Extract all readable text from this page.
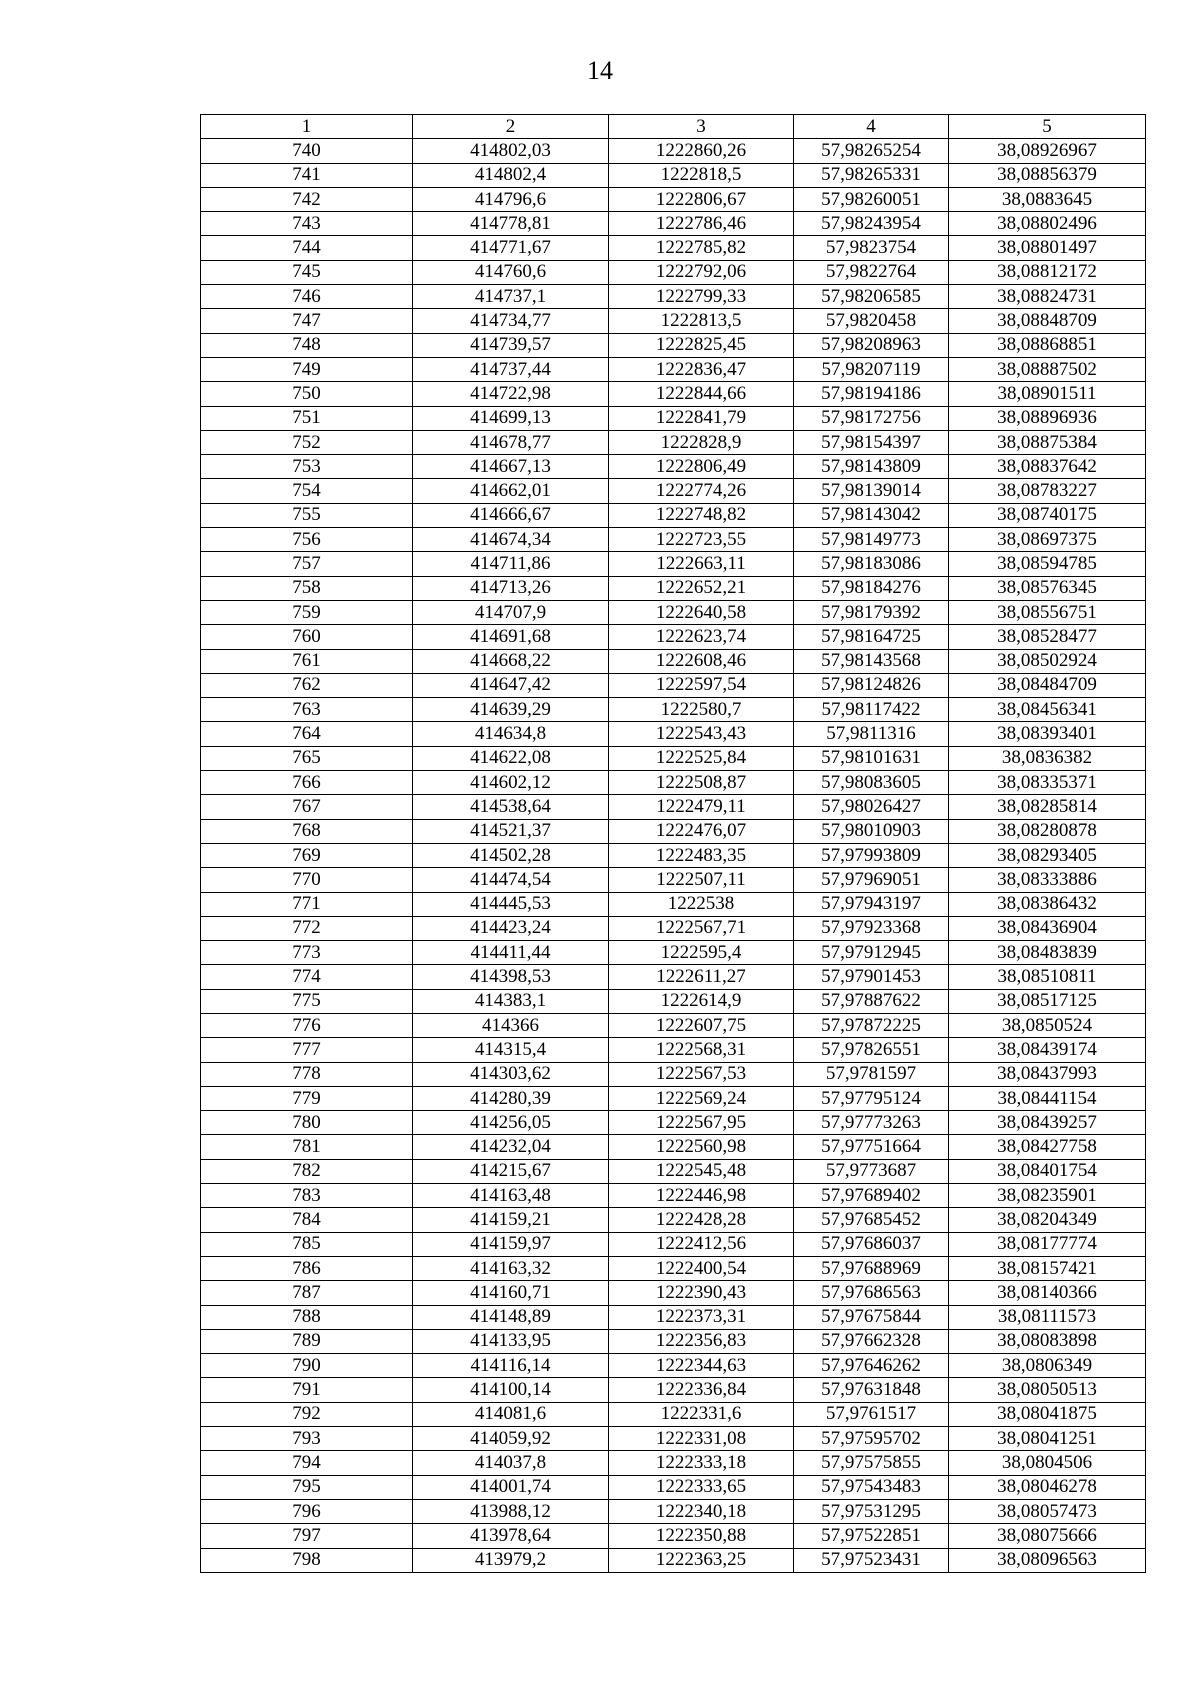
14
1	2	3	4	5
740	414802,03	1222860,26	57,98265254	38,08926967
741	414802,4	1222818,5	57,98265331	38,08856379
742	414796,6	1222806,67	57,98260051	38,0883645
743	414778,81	1222786,46	57,98243954	38,08802496
744	414771,67	1222785,82	57,9823754	38,08801497
745	414760,6	1222792,06	57,9822764	38,08812172
746	414737,1	1222799,33	57,98206585	38,08824731
747	414734,77	1222813,5	57,9820458	38,08848709
748	414739,57	1222825,45	57,98208963	38,08868851
749	414737,44	1222836,47	57,98207119	38,08887502
750	414722,98	1222844,66	57,98194186	38,08901511
751	414699,13	1222841,79	57,98172756	38,08896936
752	414678,77	1222828,9	57,98154397	38,08875384
753	414667,13	1222806,49	57,98143809	38,08837642
754	414662,01	1222774,26	57,98139014	38,08783227
755	414666,67	1222748,82	57,98143042	38,08740175
756	414674,34	1222723,55	57,98149773	38,08697375
757	414711,86	1222663,11	57,98183086	38,08594785
758	414713,26	1222652,21	57,98184276	38,08576345
759	414707,9	1222640,58	57,98179392	38,08556751
760	414691,68	1222623,74	57,98164725	38,08528477
761	414668,22	1222608,46	57,98143568	38,08502924
762	414647,42	1222597,54	57,98124826	38,08484709
763	414639,29	1222580,7	57,98117422	38,08456341
764	414634,8	1222543,43	57,9811316	38,08393401
765	414622,08	1222525,84	57,98101631	38,0836382
766	414602,12	1222508,87	57,98083605	38,08335371
767	414538,64	1222479,11	57,98026427	38,08285814
768	414521,37	1222476,07	57,98010903	38,08280878
769	414502,28	1222483,35	57,97993809	38,08293405
770	414474,54	1222507,11	57,97969051	38,08333886
771	414445,53	1222538	57,97943197	38,08386432
772	414423,24	1222567,71	57,97923368	38,08436904
773	414411,44	1222595,4	57,97912945	38,08483839
774	414398,53	1222611,27	57,97901453	38,08510811
775	414383,1	1222614,9	57,97887622	38,08517125
776	414366	1222607,75	57,97872225	38,0850524
777	414315,4	1222568,31	57,97826551	38,08439174
778	414303,62	1222567,53	57,9781597	38,08437993
779	414280,39	1222569,24	57,97795124	38,08441154
780	414256,05	1222567,95	57,97773263	38,08439257
781	414232,04	1222560,98	57,97751664	38,08427758
782	414215,67	1222545,48	57,9773687	38,08401754
783	414163,48	1222446,98	57,97689402	38,08235901
784	414159,21	1222428,28	57,97685452	38,08204349
785	414159,97	1222412,56	57,97686037	38,08177774
786	414163,32	1222400,54	57,97688969	38,08157421
787	414160,71	1222390,43	57,97686563	38,08140366
788	414148,89	1222373,31	57,97675844	38,08111573
789	414133,95	1222356,83	57,97662328	38,08083898
790	414116,14	1222344,63	57,97646262	38,0806349
791	414100,14	1222336,84	57,97631848	38,08050513
792	414081,6	1222331,6	57,9761517	38,08041875
793	414059,92	1222331,08	57,97595702	38,08041251
794	414037,8	1222333,18	57,97575855	38,0804506
795	414001,74	1222333,65	57,97543483	38,08046278
796	413988,12	1222340,18	57,97531295	38,08057473
797	413978,64	1222350,88	57,97522851	38,08075666
798	413979,2	1222363,25	57,97523431	38,08096563
